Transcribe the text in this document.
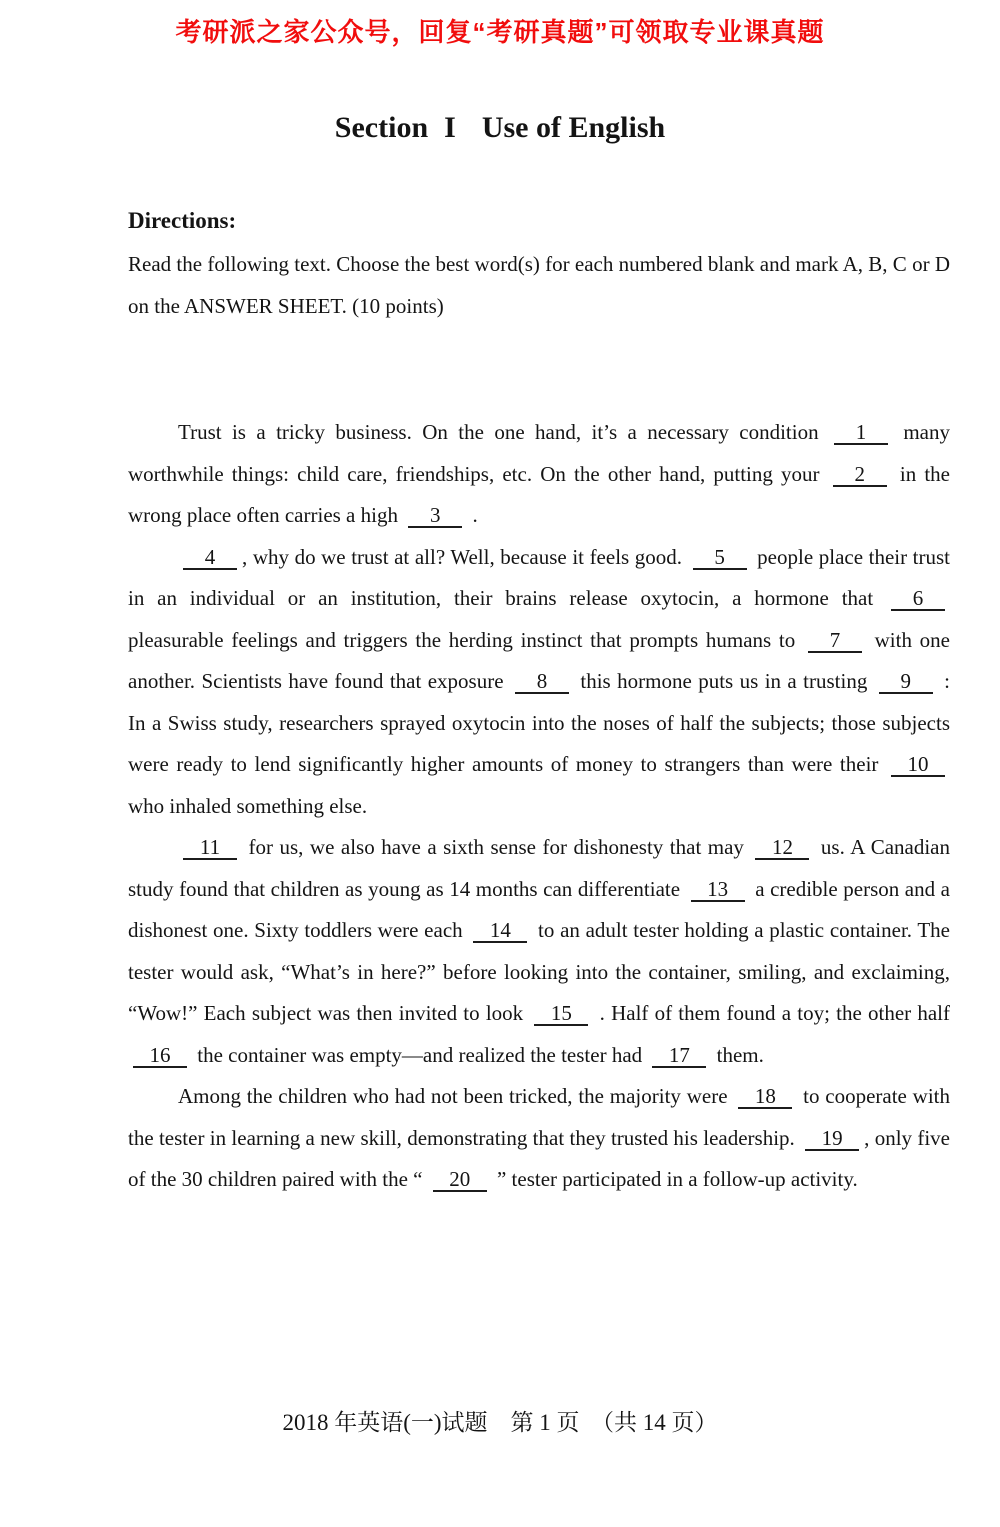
考研派之家公众号，回复“考研真题”可领取专业课真题
Section I Use of English
Directions:

Read the following text. Choose the best word(s) for each numbered blank and mark A, B, C or D on the ANSWER SHEET. (10 points)

Trust is a tricky business. On the one hand, it’s a necessary condition 1 many worthwhile things: child care, friendships, etc. On the other hand, putting your 2 in the wrong place often carries a high 3 .

4 , why do we trust at all? Well, because it feels good. 5 people place their trust in an individual or an institution, their brains release oxytocin, a hormone that 6 pleasurable feelings and triggers the herding instinct that prompts humans to 7 with one another. Scientists have found that exposure 8 this hormone puts us in a trusting 9 : In a Swiss study, researchers sprayed oxytocin into the noses of half the subjects; those subjects were ready to lend significantly higher amounts of money to strangers than were their 10 who inhaled something else.

11 for us, we also have a sixth sense for dishonesty that may 12 us. A Canadian study found that children as young as 14 months can differentiate 13 a credible person and a dishonest one. Sixty toddlers were each 14 to an adult tester holding a plastic container. The tester would ask, “What’s in here?” before looking into the container, smiling, and exclaiming, “Wow!” Each subject was then invited to look 15 . Half of them found a toy; the other half 16 the container was empty—and realized the tester had 17 them.

Among the children who had not been tricked, the majority were 18 to cooperate with the tester in learning a new skill, demonstrating that they trusted his leadership. 19 , only five of the 30 children paired with the “ 20 ” tester participated in a follow-up activity.

2018 年英语(一)试题　第 1 页　（共 14 页）
